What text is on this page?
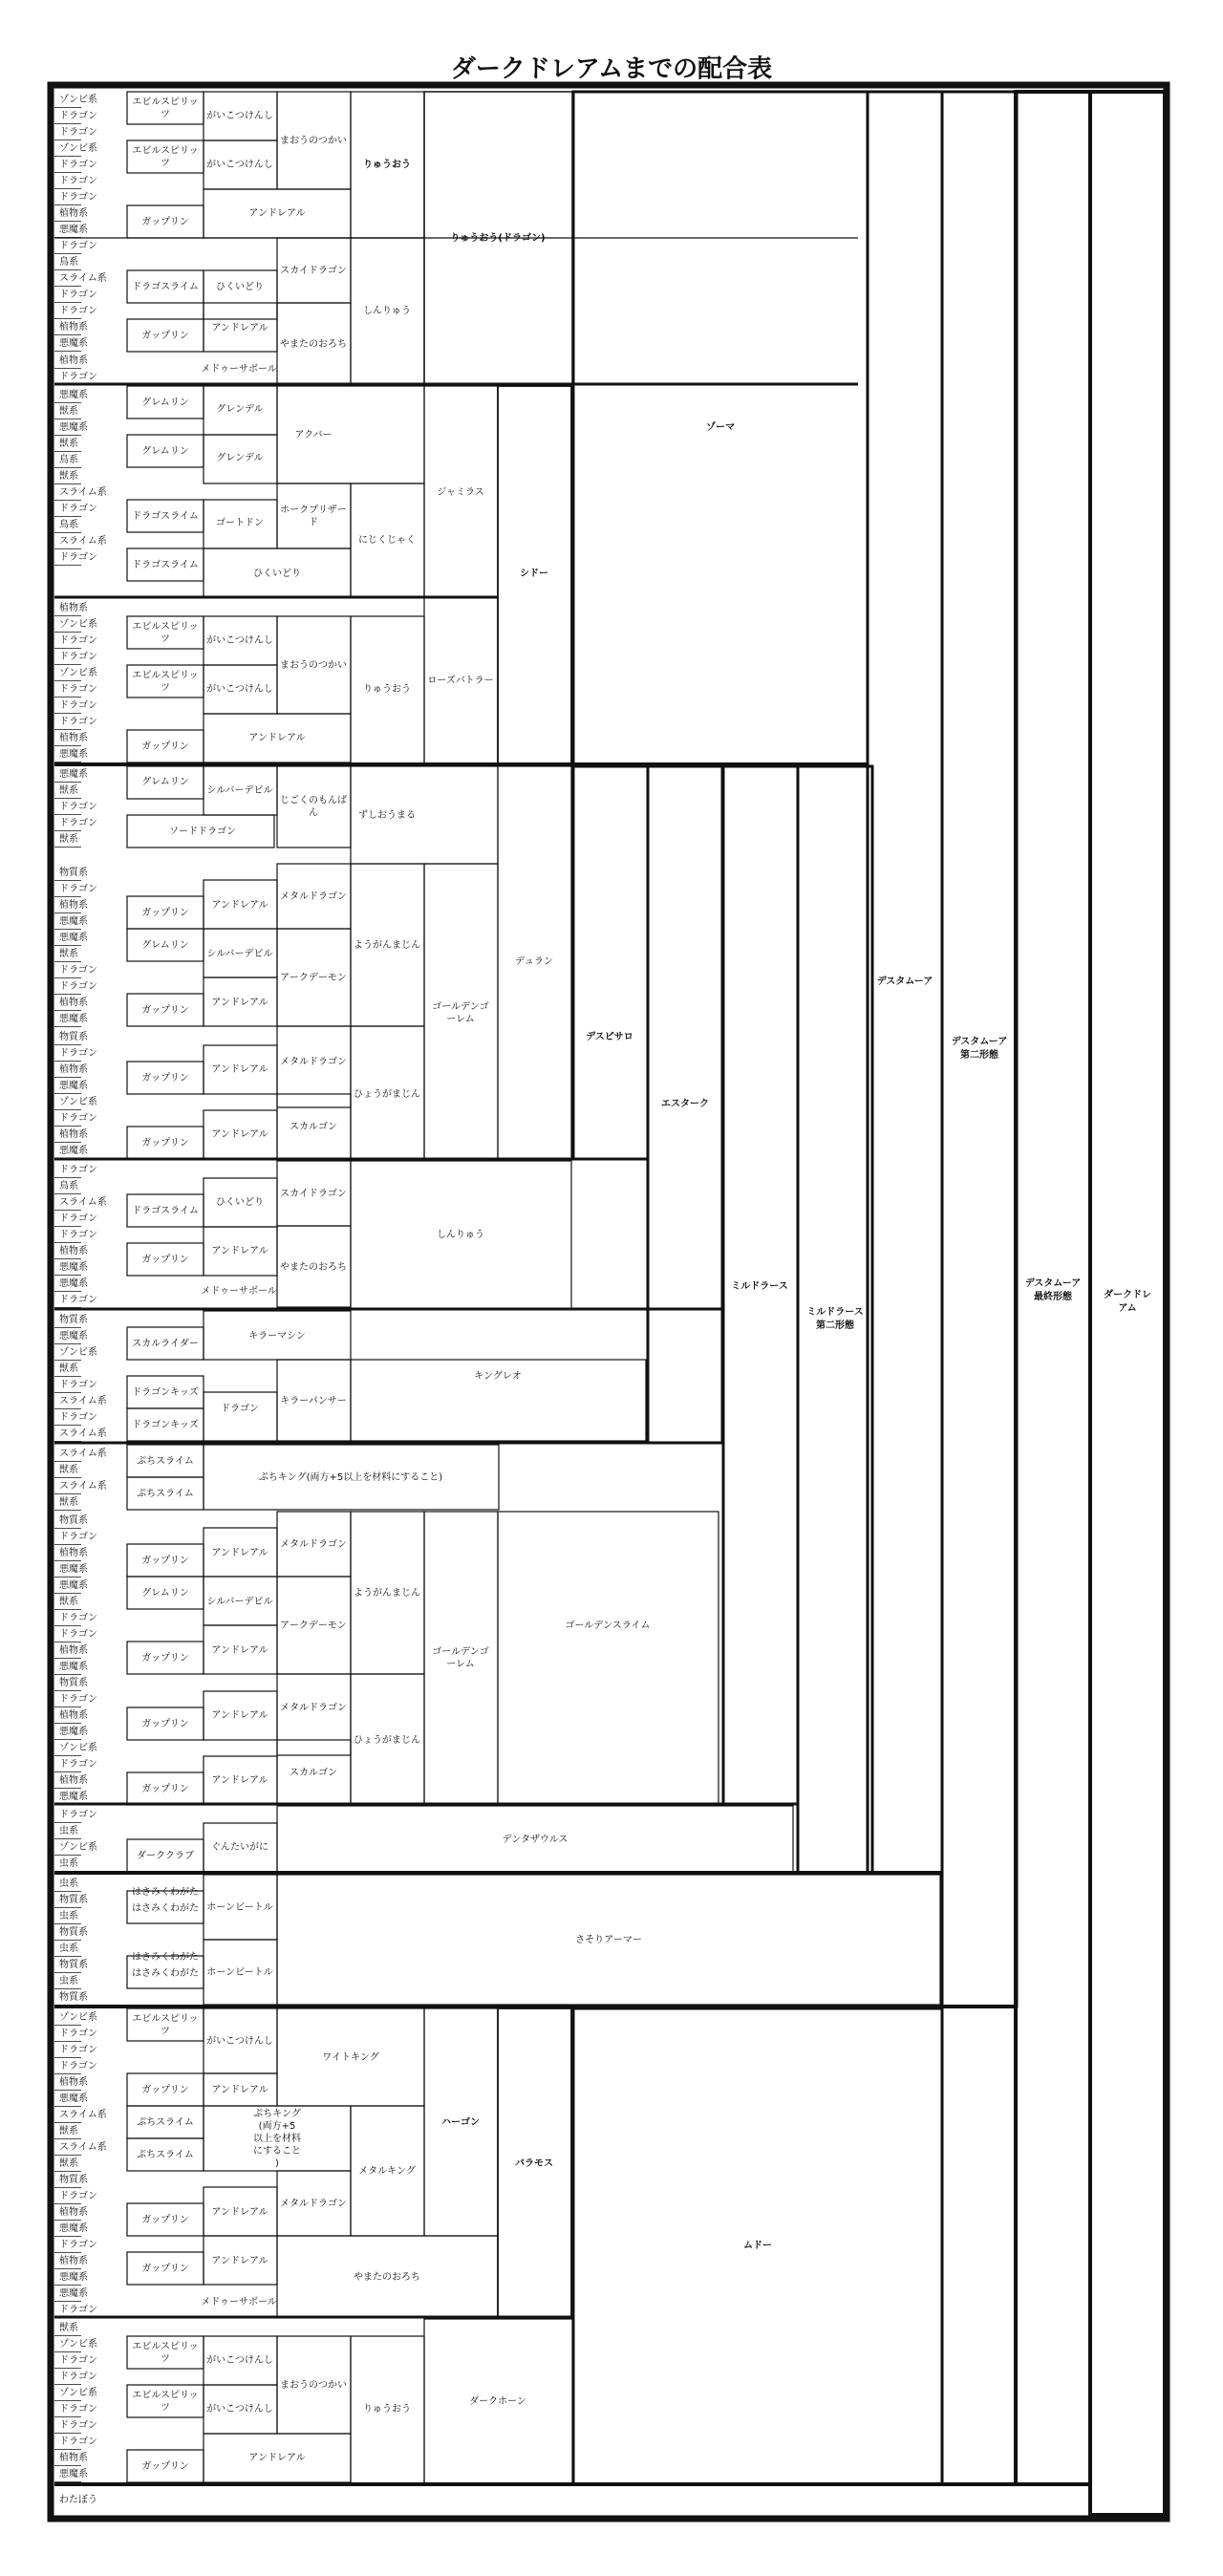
ダークドレアムまでの配合表
ゾンビ系
ドラゴン
ドラゴン
ゾンビ系
ドラゴン
ドラゴン
ドラゴン
植物系
悪魔系
ドラゴン
鳥系
スライム系
ドラゴン
ドラゴン
植物系
悪魔系
植物系
ドラゴン
エビルスピリッツ
エビルスピリッツ
ガップリン
ドラゴスライム
ガップリン
メドゥーサボール
がいこつけんし
がいこつけんし
ひくいどり
アンドレアル
まおうのつかい
アンドレアル
スカイドラゴン
やまたのおろち
りゅうおう
しんりゅう
りゅうおう(ドラゴン)
悪魔系
獣系
悪魔系
獣系
鳥系
獣系
スライム系
ドラゴン
鳥系
スライム系
ドラゴン
グレムリン
グレムリン
ドラゴスライム
ドラゴスライム
グレンデル
グレンデル
ゴートドン
ひくいどり
アクバー
ホークブリザード
にじくじゃく
ジャミラス
シドー
植物系
ゾンビ系
ドラゴン
ドラゴン
ゾンビ系
ドラゴン
ドラゴン
ドラゴン
植物系
悪魔系
エビルスピリッツ
エビルスピリッツ
ガップリン
がいこつけんし
がいこつけんし
まおうのつかい
アンドレアル
りゅうおう
ローズバトラー
ゾーマ
悪魔系
獣系
ドラゴン
ドラゴン
獣系
物質系
ドラゴン
植物系
悪魔系
悪魔系
獣系
ドラゴン
ドラゴン
植物系
悪魔系
物質系
ドラゴン
植物系
悪魔系
ゾンビ系
ドラゴン
植物系
悪魔系
グレムリン
ソードドラゴン
シルバーデビル
じごくのもんばん	ずしおうまる
ガップリン
グレムリン
ガップリン
アンドレアル
シルバーデビル
アンドレアル
メタルドラゴン
アークデーモン
ようがんまじん
ガップリン
ガップリン
アンドレアル
アンドレアル
メタルドラゴン
スカルゴン
ひょうがまじん
ゴールデンゴーレム
デュラン
デスピサロ
ドラゴン
鳥系
スライム系
ドラゴン
ドラゴン
植物系
悪魔系
悪魔系
ドラゴン
ドラゴスライム
ガップリン
ひくいどり
アンドレアル
メドゥーサボール
スカイドラゴン
やまたのおろち
しんりゅう
物質系
悪魔系
ゾンビ系
獣系
ドラゴン
スライム系
ドラゴン
スライム系
スカルライダー
ドラゴンキッズ
ドラゴンキッズ
キラーマシン
ドラゴン
キラーパンサー
キングレオ
エスターク
スライム系
獣系
スライム系
獣系
ぷちスライム
ぷちスライム
ぷちキング(両方+5以上を材料にすること)
物質系
ドラゴン
植物系
悪魔系
悪魔系
獣系
ドラゴン
ドラゴン
植物系
悪魔系
物質系
ドラゴン
植物系
悪魔系
ゾンビ系
ドラゴン
植物系
悪魔系
ガップリン
グレムリン
ガップリン
アンドレアル
シルバーデビル
アンドレアル
メタルドラゴン
アークデーモン
ようがんまじん
ガップリン
ガップリン
アンドレアル
アンドレアル
メタルドラゴン
スカルゴン
ひょうがまじん
ゴールデンゴーレム
ゴールデンスライム
ミルドラース
ドラゴン
虫系
ゾンビ系
虫系
ダーククラブ
ぐんたいがに
デンタザウルス
ミルドラース第二形態
デスタムーア
虫系
物質系
虫系
物質系
虫系
物質系
虫系
物質系
はさみくわがた
はさみくわがた
はさみくわがた
はさみくわがた
ホーンビートル
ホーンビートル
さそりアーマー
デスタムーア第二形態
ゾンビ系
ドラゴン
ドラゴン
ドラゴン
植物系
悪魔系
スライム系
獣系
スライム系
獣系
物質系
ドラゴン
植物系
悪魔系
ドラゴン
植物系
悪魔系
悪魔系
ドラゴン
エビルスピリッツ
ガップリン
ぷちスライム
ぷちスライム
ガップリン
ガップリン
がいこつけんし
アンドレアル
ぷちキング(両方+5 以上を材料にすること)
アンドレアル
アンドレアル
メドゥーサボール
ワイトキング
メタルドラゴン
メタルキング
やまたのおろち
ハーゴン
バラモス
獣系
ゾンビ系
ドラゴン
ドラゴン
ゾンビ系
ドラゴン
ドラゴン
ドラゴン
植物系
悪魔系
エビルスピリッツ
エビルスピリッツ
ガップリン
がいこつけんし
がいこつけんし
まおうのつかい
アンドレアル
りゅうおう
ダークホーン
ムドー
デスタムーア最終形態
わたぼう
ダークドレアム
